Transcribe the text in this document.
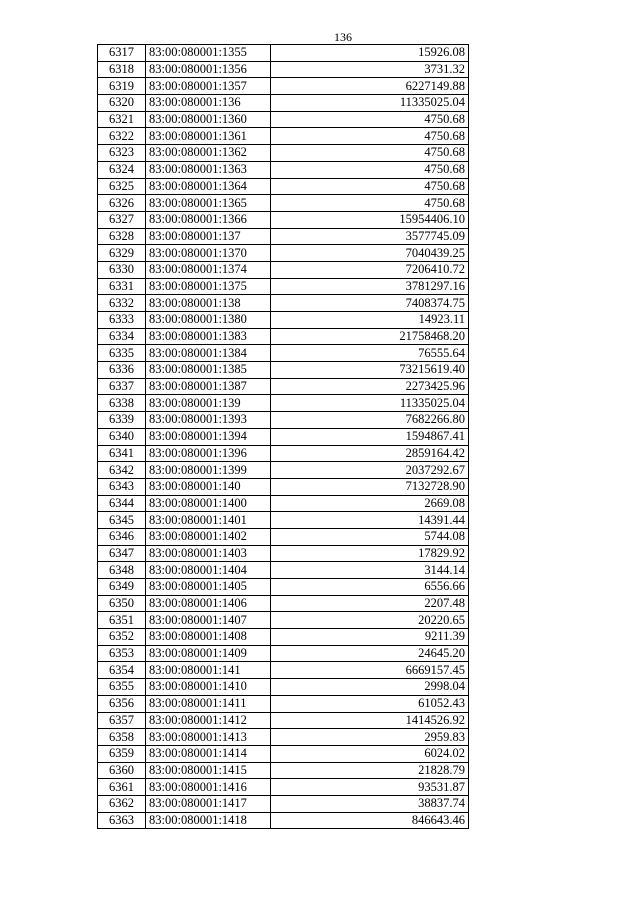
136
6317	83:00:080001:1355	15926.08
6318	83:00:080001:1356	3731.32
6319	83:00:080001:1357	6227149.88
6320	83:00:080001:136	11335025.04
6321	83:00:080001:1360	4750.68
6322	83:00:080001:1361	4750.68
6323	83:00:080001:1362	4750.68
6324	83:00:080001:1363	4750.68
6325	83:00:080001:1364	4750.68
6326	83:00:080001:1365	4750.68
6327	83:00:080001:1366	15954406.10
6328	83:00:080001:137	3577745.09
6329	83:00:080001:1370	7040439.25
6330	83:00:080001:1374	7206410.72
6331	83:00:080001:1375	3781297.16
6332	83:00:080001:138	7408374.75
6333	83:00:080001:1380	14923.11
6334	83:00:080001:1383	21758468.20
6335	83:00:080001:1384	76555.64
6336	83:00:080001:1385	73215619.40
6337	83:00:080001:1387	2273425.96
6338	83:00:080001:139	11335025.04
6339	83:00:080001:1393	7682266.80
6340	83:00:080001:1394	1594867.41
6341	83:00:080001:1396	2859164.42
6342	83:00:080001:1399	2037292.67
6343	83:00:080001:140	7132728.90
6344	83:00:080001:1400	2669.08
6345	83:00:080001:1401	14391.44
6346	83:00:080001:1402	5744.08
6347	83:00:080001:1403	17829.92
6348	83:00:080001:1404	3144.14
6349	83:00:080001:1405	6556.66
6350	83:00:080001:1406	2207.48
6351	83:00:080001:1407	20220.65
6352	83:00:080001:1408	9211.39
6353	83:00:080001:1409	24645.20
6354	83:00:080001:141	6669157.45
6355	83:00:080001:1410	2998.04
6356	83:00:080001:1411	61052.43
6357	83:00:080001:1412	1414526.92
6358	83:00:080001:1413	2959.83
6359	83:00:080001:1414	6024.02
6360	83:00:080001:1415	21828.79
6361	83:00:080001:1416	93531.87
6362	83:00:080001:1417	38837.74
6363	83:00:080001:1418	846643.46
